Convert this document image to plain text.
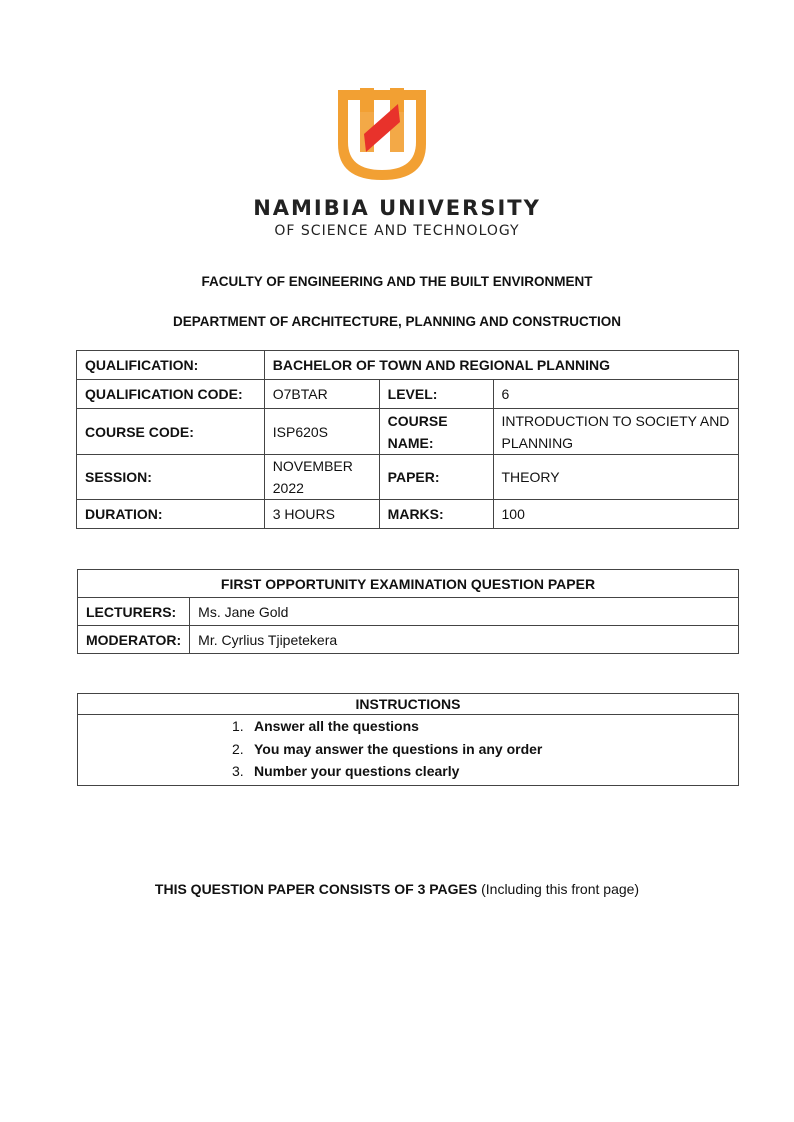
NAMIBIA UNIVERSITY
OF SCIENCE AND TECHNOLOGY
FACULTY OF ENGINEERING AND THE BUILT ENVIRONMENT
DEPARTMENT OF ARCHITECTURE, PLANNING AND CONSTRUCTION
QUALIFICATION:	BACHELOR OF TOWN AND REGIONAL PLANNING		
QUALIFICATION CODE:	O7BTAR	LEVEL:	6
COURSE CODE:	ISP620S	COURSE NAME:	INTRODUCTION TO SOCIETY AND PLANNING
SESSION:	NOVEMBER 2022	PAPER:	THEORY
DURATION:	3 HOURS	MARKS:	100
FIRST OPPORTUNITY EXAMINATION QUESTION PAPER	
LECTURERS:	Ms. Jane Gold
MODERATOR:	Mr. Cyrlius Tjipetekera
INSTRUCTIONS

1. Answer all the questions
2. You may answer the questions in any order
3. Number your questions clearly
THIS QUESTION PAPER CONSISTS OF 3 PAGES (Including this front page)
